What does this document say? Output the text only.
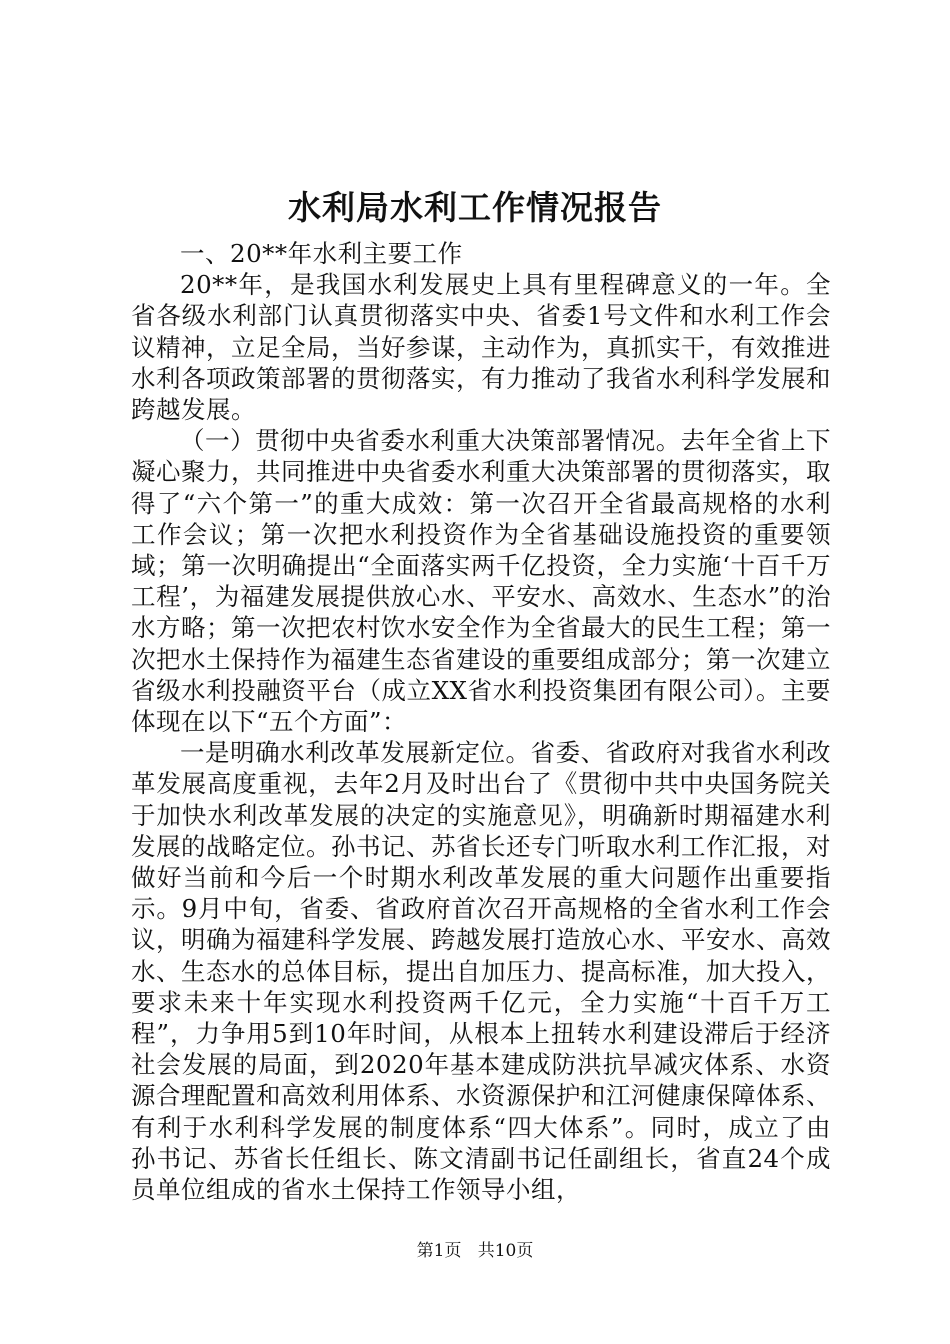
水利局水利工作情况报告

一、20**年水利主要工作

20**年，是我国水利发展史上具有里程碑意义的一年。全省各级水利部门认真贯彻落实中央、省委1号文件和水利工作会议精神，立足全局，当好参谋，主动作为，真抓实干，有效推进水利各项政策部署的贯彻落实，有力推动了我省水利科学发展和跨越发展。

（一）贯彻中央省委水利重大决策部署情况。去年全省上下凝心聚力，共同推进中央省委水利重大决策部署的贯彻落实，取得了“六个第一”的重大成效：第一次召开全省最高规格的水利工作会议；第一次把水利投资作为全省基础设施投资的重要领域；第一次明确提出“全面落实两千亿投资，全力实施‘十百千万工程’，为福建发展提供放心水、平安水、高效水、生态水”的治水方略；第一次把农村饮水安全作为全省最大的民生工程；第一次把水土保持作为福建生态省建设的重要组成部分；第一次建立省级水利投融资平台（成立XX省水利投资集团有限公司）。主要体现在以下“五个方面”：

一是明确水利改革发展新定位。省委、省政府对我省水利改革发展高度重视，去年2月及时出台了《贯彻中共中央国务院关于加快水利改革发展的决定的实施意见》，明确新时期福建水利发展的战略定位。孙书记、苏省长还专门听取水利工作汇报，对做好当前和今后一个时期水利改革发展的重大问题作出重要指示。9月中旬，省委、省政府首次召开高规格的全省水利工作会议，明确为福建科学发展、跨越发展打造放心水、平安水、高效水、生态水的总体目标，提出自加压力、提高标准，加大投入，要求未来十年实现水利投资两千亿元，全力实施“十百千万工程”，力争用5到10年时间，从根本上扭转水利建设滞后于经济社会发展的局面，到2020年基本建成防洪抗旱减灾体系、水资源合理配置和高效利用体系、水资源保护和江河健康保障体系、有利于水利科学发展的制度体系“四大体系”。同时，成立了由孙书记、苏省长任组长、陈文清副书记任副组长，省直24个成员单位组成的省水土保持工作领导小组，

第1页 共10页
